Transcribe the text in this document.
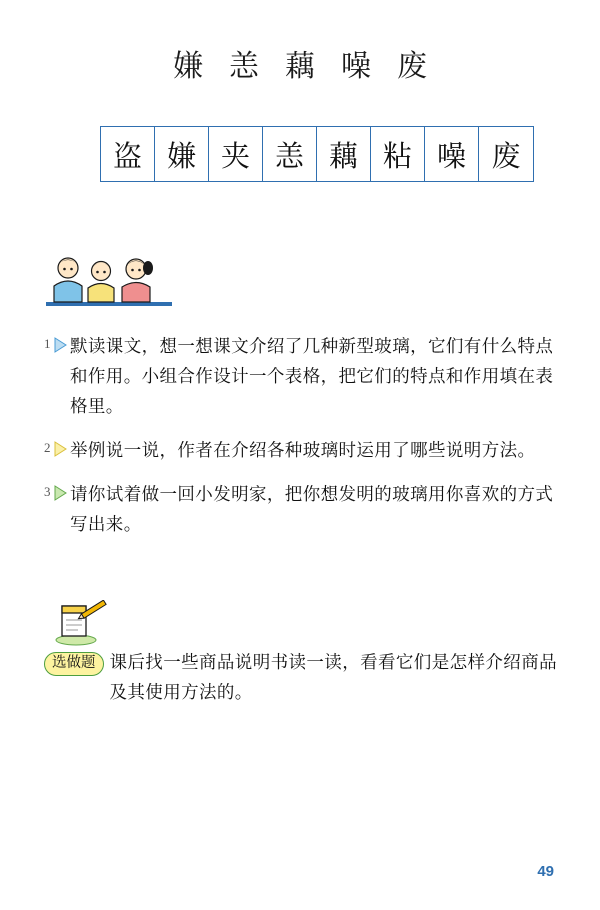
嫌 恙 藕 噪 废
盗 嫌 夹 恙 藕 粘 噪 废
1	默读课文，想一想课文介绍了几种新型玻璃，它们有什么特点和作用。小组合作设计一个表格，把它们的特点和作用填在表格里。
2	举例说一说，作者在介绍各种玻璃时运用了哪些说明方法。
3	请你试着做一回小发明家，把你想发明的玻璃用你喜欢的方式写出来。
选做题 课后找一些商品说明书读一读，看看它们是怎样介绍商品及其使用方法的。
49
